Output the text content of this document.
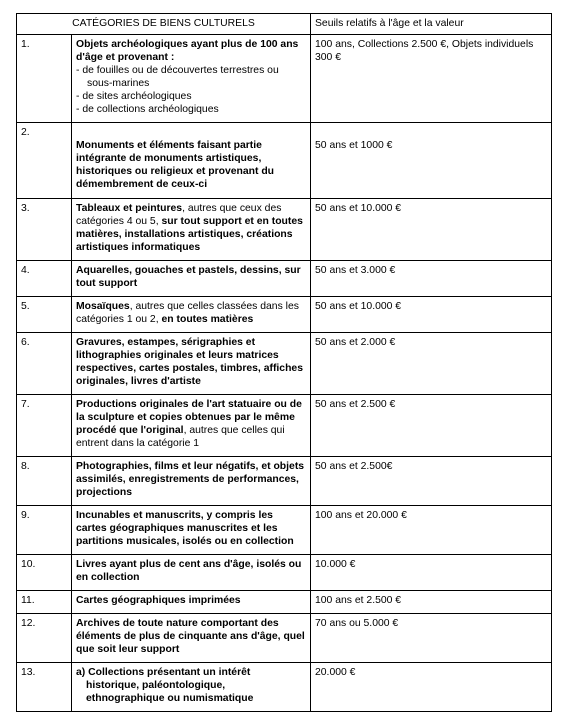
CATÉGORIES DE BIENS CULTURELS		Seuils relatifs à l'âge et la valeur
1.	Objets archéologiques ayant plus de 100 ans d'âge et provenant :
- de fouilles ou de découvertes terrestres ou sous-marines
- de sites archéologiques
- de collections archéologiques	100 ans, Collections 2.500 €, Objets individuels 300 €
2.	Monuments et éléments faisant partie intégrante de monuments artistiques, historiques ou religieux et provenant du démembrement de ceux-ci	50 ans et 1000 €
3.	Tableaux et peintures, autres que ceux des catégories 4 ou 5, sur tout support et en toutes matières, installations artistiques, créations artistiques informatiques	50 ans et 10.000 €
4.	Aquarelles, gouaches et pastels, dessins, sur tout support	50 ans et 3.000 €
5.	Mosaïques, autres que celles classées dans les catégories 1 ou 2, en toutes matières	50 ans et 10.000 €
6.	Gravures, estampes, sérigraphies et lithographies originales et leurs matrices respectives, cartes postales, timbres, affiches originales, livres d'artiste	50 ans et 2.000 €
7.	Productions originales de l'art statuaire ou de la sculpture et copies obtenues par le même procédé que l'original, autres que celles qui entrent dans la catégorie 1	50 ans et 2.500 €
8.	Photographies, films et leur négatifs, et objets assimilés, enregistrements de performances, projections	50 ans et 2.500€
9.	Incunables et manuscrits, y compris les cartes géographiques manuscrites et les partitions musicales, isolés ou en collection	100 ans et 20.000 €
10.	Livres ayant plus de cent ans d'âge, isolés ou en collection	10.000 €
11.	Cartes géographiques imprimées	100 ans et 2.500 €
12.	Archives de toute nature comportant des éléments de plus de cinquante ans d'âge, quel que soit leur support	70 ans ou 5.000 €
13.	a) Collections présentant un intérêt
historique, paléontologique, ethnographique ou numismatique	20.000 €
